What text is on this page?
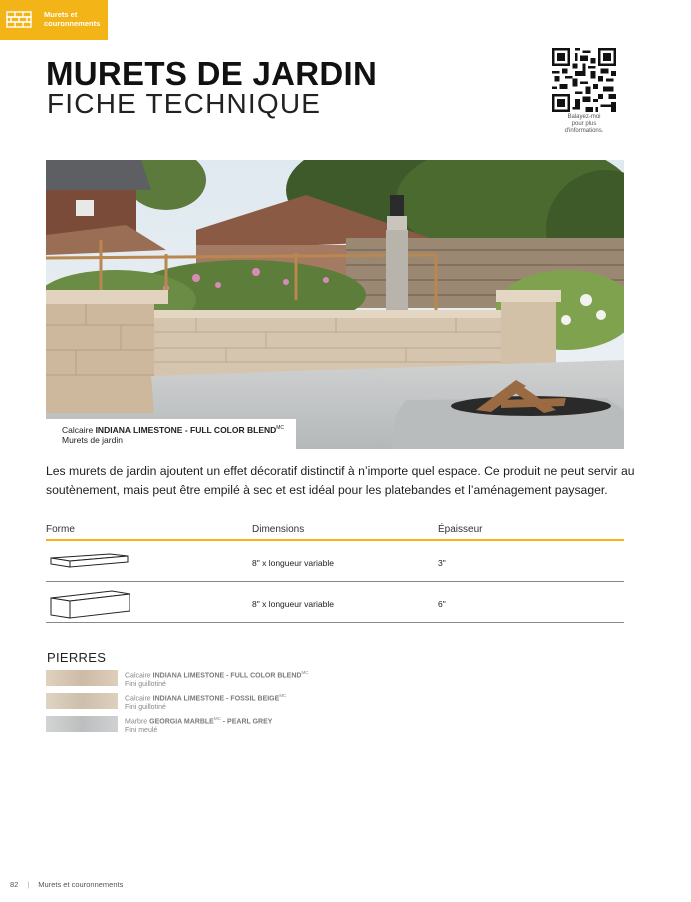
Murets et
couronnements
MURETS DE JARDIN
FICHE TECHNIQUE	Balayez-moi
pour plus
d'informations.
Calcaire INDIANA LIMESTONE - FULL COLOR $BLEND^{MC}$
Murets de jardin

Les murets de jardin ajoutent un effet décoratif distinctif à n’importe quel espace. Ce produit ne peut servir au soutènement, mais peut être empilé à sec et est idéal pour les platebandes et l’aménagement paysager.

Forme	Dimensions	Épaisseur
8" x longueur variable	3"
8" x longueur variable	6"
PIERRES
Calcaire INDIANA LIMESTONE - FULL COLOR $BLEND^{MC}$
Fini guillotiné
Calcaire INDIANA LIMESTONE - FOSSIL $BEIGE^{MC}$
Fini guillotiné
Marbre GEORGIA $MARBLE^{MC}$ - PEARL GREY
Fini meulé
82 | Murets et couronnements
